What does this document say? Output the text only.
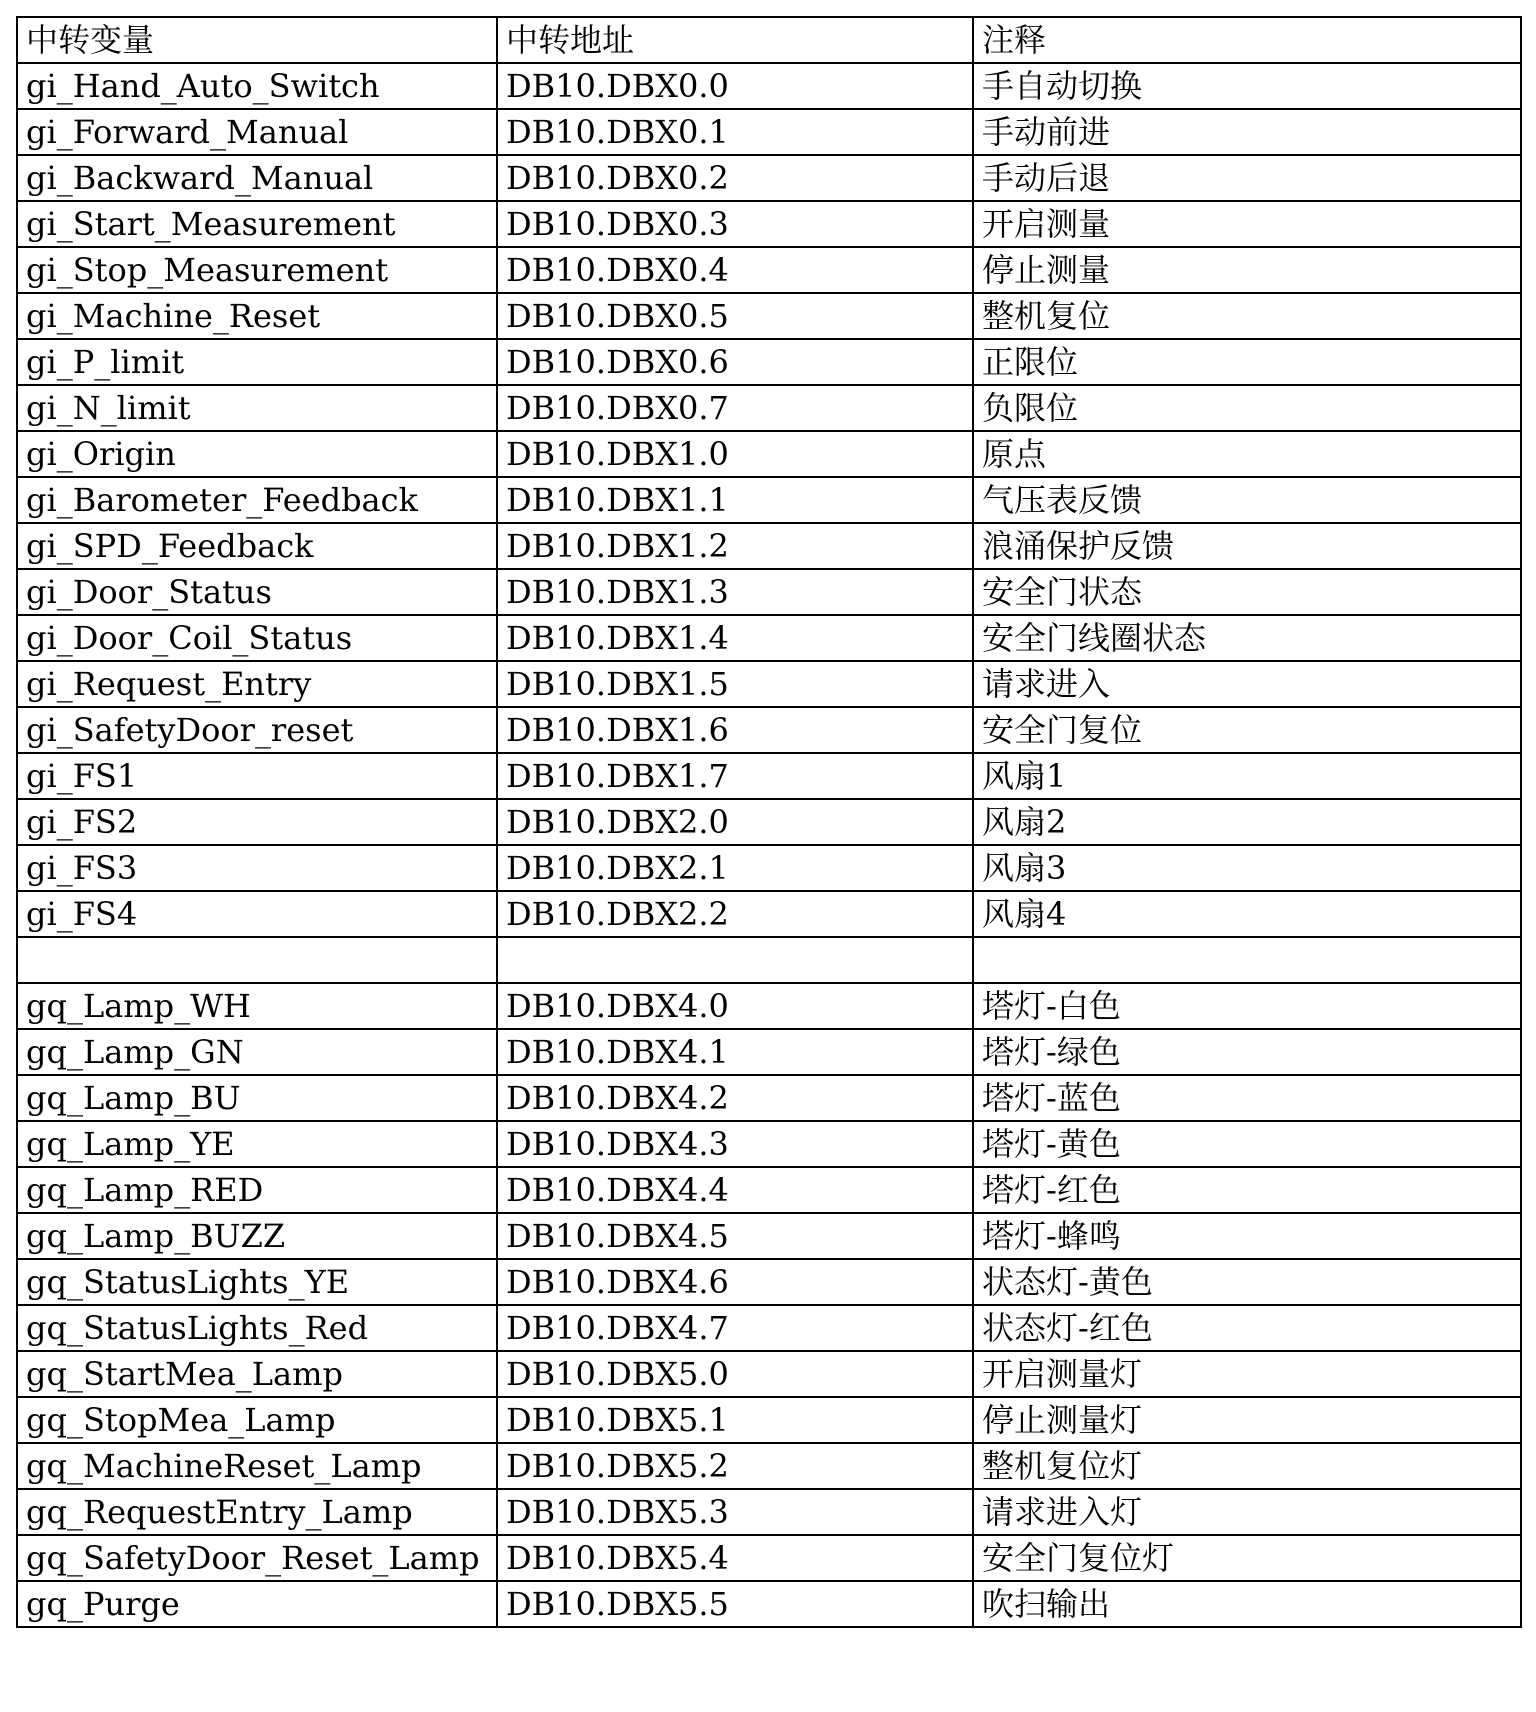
中转变量	中转地址	注释
gi_Hand_Auto_Switch	DB10.DBX0.0	手自动切换
gi_Forward_Manual	DB10.DBX0.1	手动前进
gi_Backward_Manual	DB10.DBX0.2	手动后退
gi_Start_Measurement	DB10.DBX0.3	开启测量
gi_Stop_Measurement	DB10.DBX0.4	停止测量
gi_Machine_Reset	DB10.DBX0.5	整机复位
gi_P_limit	DB10.DBX0.6	正限位
gi_N_limit	DB10.DBX0.7	负限位
gi_Origin	DB10.DBX1.0	原点
gi_Barometer_Feedback	DB10.DBX1.1	气压表反馈
gi_SPD_Feedback	DB10.DBX1.2	浪涌保护反馈
gi_Door_Status	DB10.DBX1.3	安全门状态
gi_Door_Coil_Status	DB10.DBX1.4	安全门线圈状态
gi_Request_Entry	DB10.DBX1.5	请求进入
gi_SafetyDoor_reset	DB10.DBX1.6	安全门复位
gi_FS1	DB10.DBX1.7	风扇1
gi_FS2	DB10.DBX2.0	风扇2
gi_FS3	DB10.DBX2.1	风扇3
gi_FS4	DB10.DBX2.2	风扇4

gq_Lamp_WH	DB10.DBX4.0	塔灯-白色
gq_Lamp_GN	DB10.DBX4.1	塔灯-绿色
gq_Lamp_BU	DB10.DBX4.2	塔灯-蓝色
gq_Lamp_YE	DB10.DBX4.3	塔灯-黄色
gq_Lamp_RED	DB10.DBX4.4	塔灯-红色
gq_Lamp_BUZZ	DB10.DBX4.5	塔灯-蜂鸣
gq_StatusLights_YE	DB10.DBX4.6	状态灯-黄色
gq_StatusLights_Red	DB10.DBX4.7	状态灯-红色
gq_StartMea_Lamp	DB10.DBX5.0	开启测量灯
gq_StopMea_Lamp	DB10.DBX5.1	停止测量灯
gq_MachineReset_Lamp	DB10.DBX5.2	整机复位灯
gq_RequestEntry_Lamp	DB10.DBX5.3	请求进入灯
gq_SafetyDoor_Reset_Lamp	DB10.DBX5.4	安全门复位灯
gq_Purge	DB10.DBX5.5	吹扫输出
